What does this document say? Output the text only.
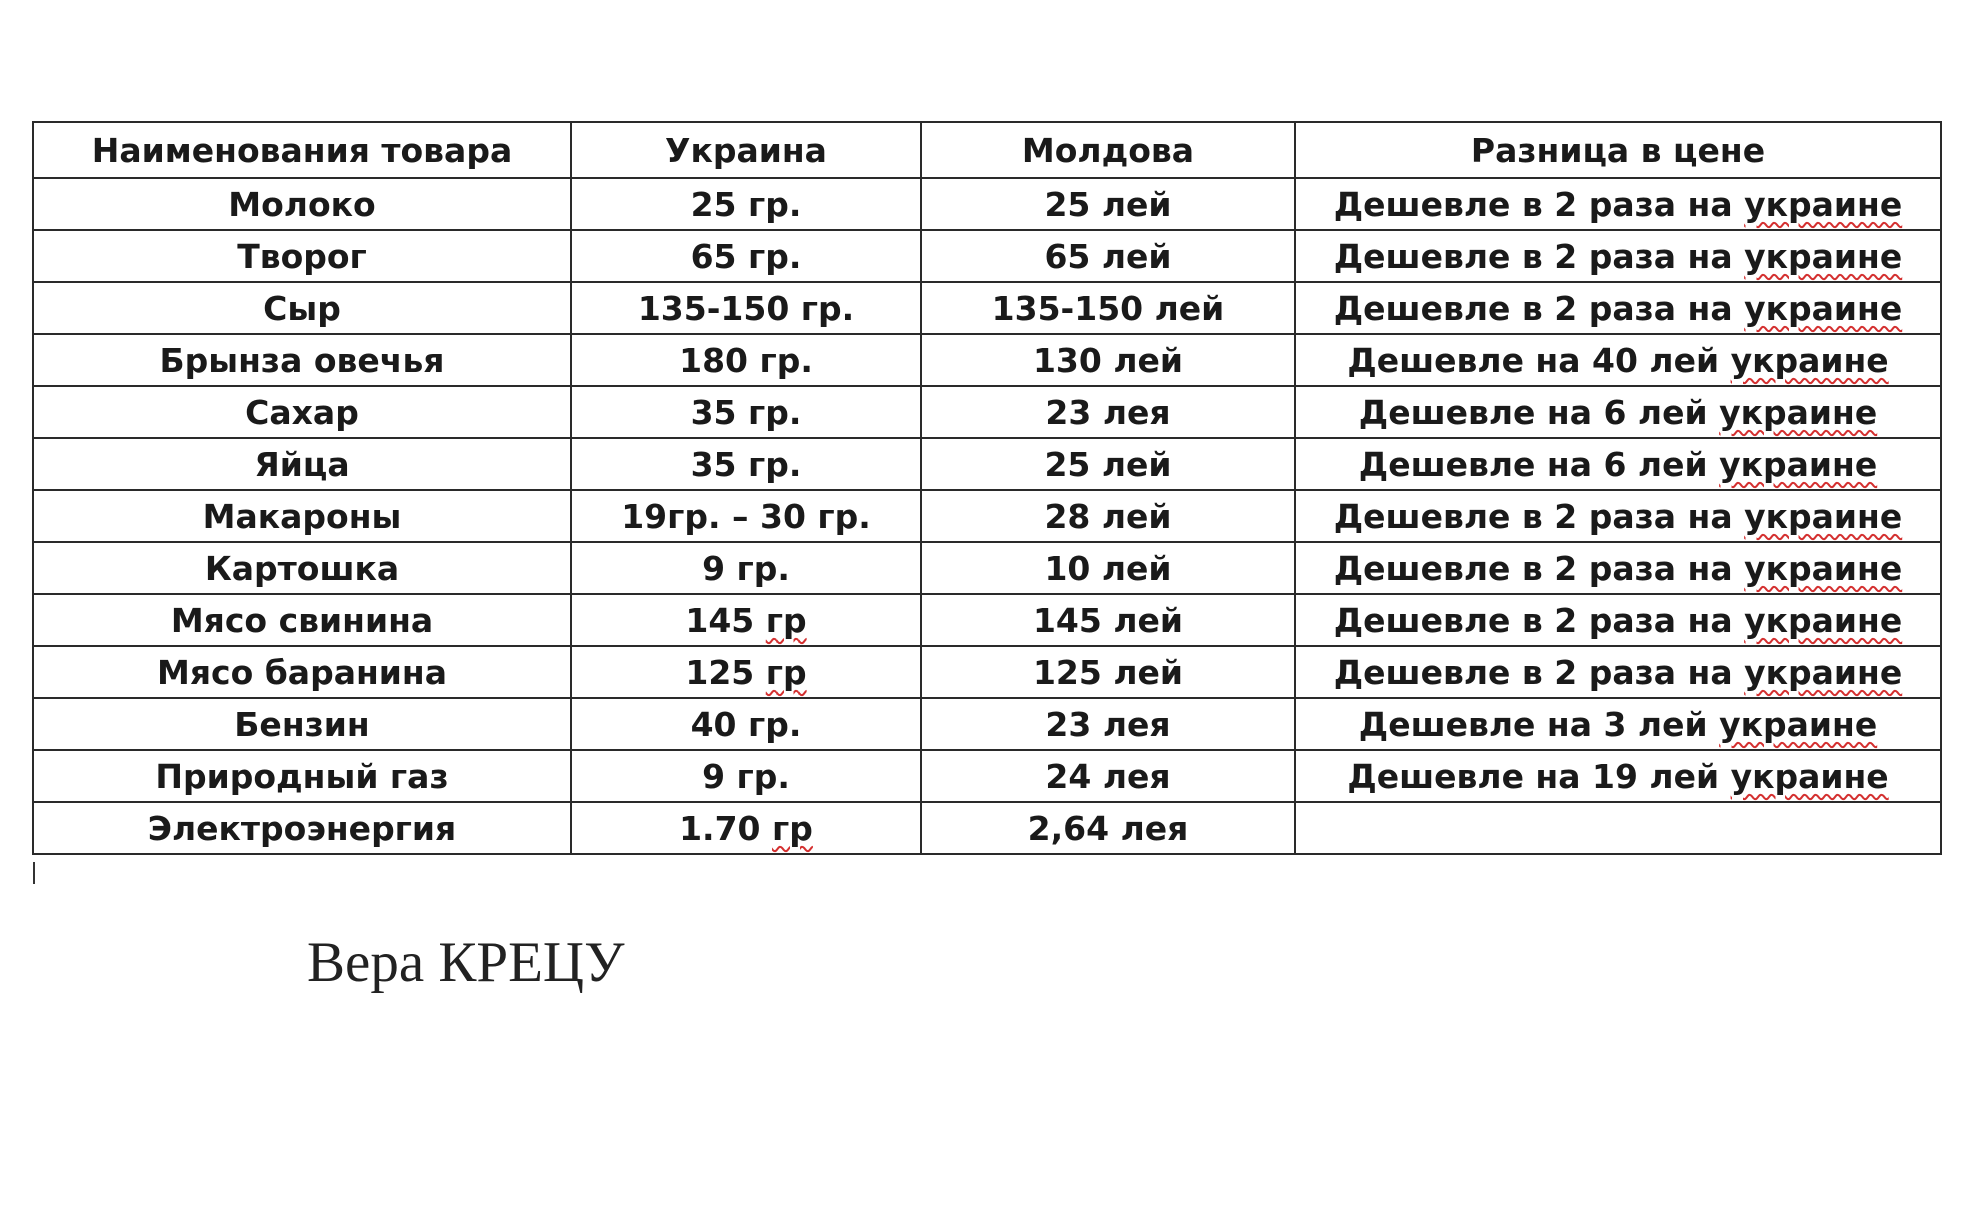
Наименования товара	Украина	Молдова	Разница в цене
Молоко	25 гр.	25 лей	Дешевле в 2 раза на украине
Творог	65 гр.	65 лей	Дешевле в 2 раза на украине
Сыр	135-150 гр.	135-150 лей	Дешевле в 2 раза на украине
Брынза овечья	180 гр.	130 лей	Дешевле на 40 лей украине
Сахар	35 гр.	23 лея	Дешевле на 6 лей украине
Яйца	35 гр.	25 лей	Дешевле на 6 лей украине
Макароны	19гр. – 30 гр.	28 лей	Дешевле в 2 раза на украине
Картошка	9 гр.	10 лей	Дешевле в 2 раза на украине
Мясо свинина	145 гр	145 лей	Дешевле в 2 раза на украине
Мясо баранина	125 гр	125 лей	Дешевле в 2 раза на украине
Бензин	40 гр.	23 лея	Дешевле на 3 лей украине
Природный газ	9 гр.	24 лея	Дешевле на 19 лей украине
Электроэнергия	1.70 гр	2,64 лея	
Вера КРЕЦУ
